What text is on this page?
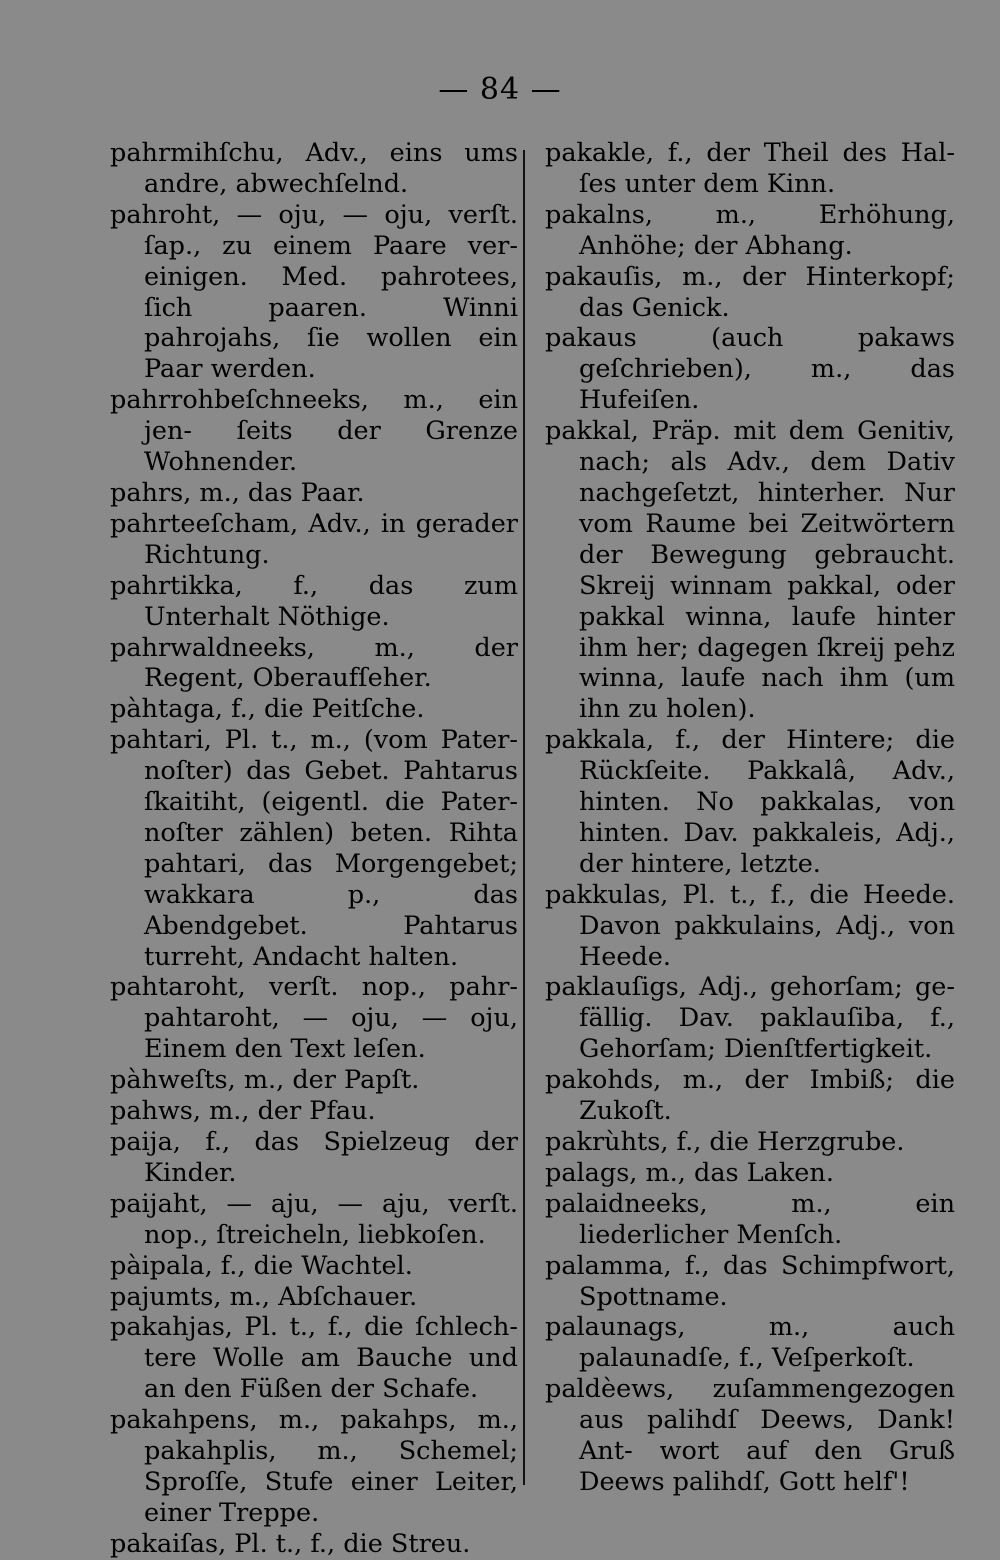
— 84 —

pahrmihſchu, Adv., eins ums andre, abwechſelnd.

pahroht, — oju, — oju, verſt. ſap., zu einem Paare ver- einigen. Med. pahrotees, ſich paaren. Winni pahrojahs, ſie wollen ein Paar werden.

pahrrohbeſchneeks, m., ein jen- ſeits der Grenze Wohnender.

pahrs, m., das Paar.

pahrteeſcham, Adv., in gerader Richtung.

pahrtikka, f., das zum Unterhalt Nöthige.

pahrwaldneeks, m., der Regent, Oberaufſeher.

pàhtaga, f., die Peitſche.

pahtari, Pl. t., m., (vom Pater- noſter) das Gebet. Pahtarus ſkaitiht, (eigentl. die Pater- noſter zählen) beten. Rihta pahtari, das Morgengebet; wakkara p., das Abendgebet. Pahtarus turreht, Andacht halten.

pahtaroht, verſt. nop., pahr- pahtaroht, — oju, — oju, Einem den Text leſen.

pàhweſts, m., der Papſt.

pahws, m., der Pfau.

paija, f., das Spielzeug der Kinder.

paijaht, — aju, — aju, verſt. nop., ſtreicheln, liebkoſen.

pàipala, f., die Wachtel.

pajumts, m., Abſchauer.

pakahjas, Pl. t., f., die ſchlech- tere Wolle am Bauche und an den Füßen der Schafe.

pakahpens, m., pakahps, m., pakahplis, m., Schemel; Sproſſe, Stufe einer Leiter, einer Treppe.

pakaiſas, Pl. t., f., die Streu.

pakakle, f., der Theil des Hal- ſes unter dem Kinn.

pakalns, m., Erhöhung, Anhöhe; der Abhang.

pakauſis, m., der Hinterkopf; das Genick.

pakaus (auch pakaws geſchrieben), m., das Hufeiſen.

pakkal, Präp. mit dem Genitiv, nach; als Adv., dem Dativ nachgeſetzt, hinterher. Nur vom Raume bei Zeitwörtern der Bewegung gebraucht. Skreij winnam pakkal, oder pakkal winna, laufe hinter ihm her; dagegen ſkreij pehz winna, laufe nach ihm (um ihn zu holen).

pakkala, f., der Hintere; die Rückſeite. Pakkalâ, Adv., hinten. No pakkalas, von hinten. Dav. pakkaleis, Adj., der hintere, letzte.

pakkulas, Pl. t., f., die Heede. Davon pakkulains, Adj., von Heede.

paklauſigs, Adj., gehorſam; ge- fällig. Dav. paklauſiba, f., Gehorſam; Dienſtfertigkeit.

pakohds, m., der Imbiß; die Zukoſt.

pakrùhts, f., die Herzgrube.

palags, m., das Laken.

palaidneeks, m., ein liederlicher Menſch.

palamma, f., das Schimpfwort, Spottname.

palaunags, m., auch palaunadſe, f., Veſperkoſt.

paldèews, zuſammengezogen aus palihdſ Deews, Dank! Ant- wort auf den Gruß Deews palihdſ, Gott helf'!
